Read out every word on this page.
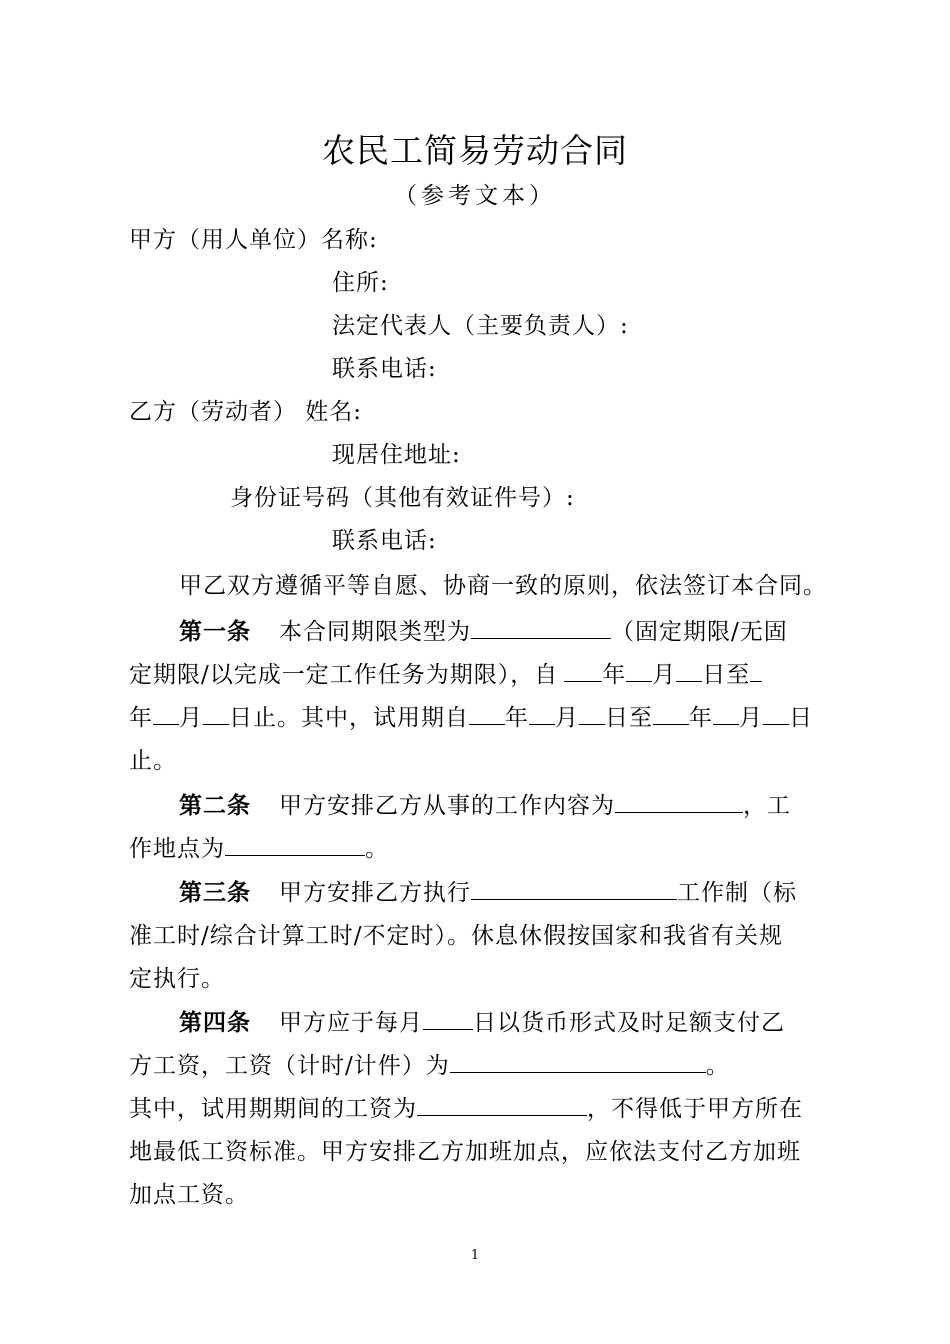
农民工简易劳动合同
（参考文本）
甲方（用人单位）名称:
住所:
法定代表人（主要负责人）:
联系电话:
乙方（劳动者） 姓名:
现居住地址:
身份证号码（其他有效证件号）:
联系电话:
甲乙双方遵循平等自愿、协商一致的原则，依法签订本合同。
第一条 本合同期限类型为	（固定期限/无固
定期限/以完成一定工作任务为期限），自 年 月 日至
年 月 日止。其中，试用期自 年 月 日至 年 月 日
止。
第二条 甲方安排乙方从事的工作内容为	，工
作地点为	。
第三条 甲方安排乙方执行	工作制（标
准工时/综合计算工时/不定时）。休息休假按国家和我省有关规
定执行。
第四条 甲方应于每月 日以货币形式及时足额支付乙
方工资，工资（计时/计件）为	。
其中，试用期期间的工资为	，不得低于甲方所在
地最低工资标准。甲方安排乙方加班加点，应依法支付乙方加班
加点工资。
1
